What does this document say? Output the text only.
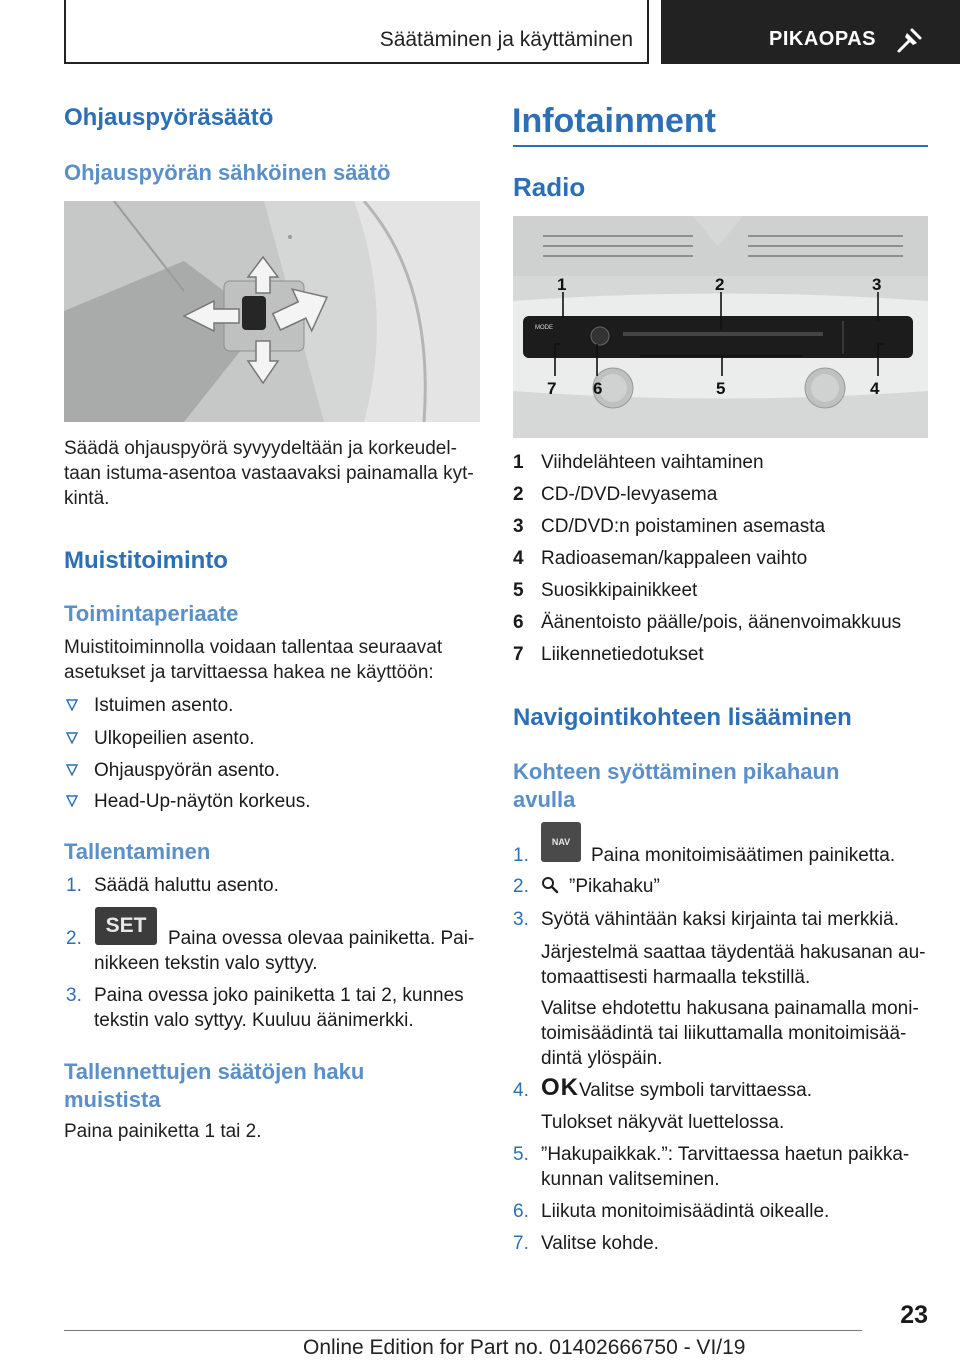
Säätäminen ja käyttäminen	PIKAOPAS
Ohjauspyöräsäätö
Ohjauspyörän sähköinen säätö
Säädä ohjauspyörä syvyydeltään ja korkeudel-
taan istuma-asentoa vastaavaksi painamalla kyt-
kintä.
Muistitoiminto
Toimintaperiaate
Muistitoiminnolla voidaan tallentaa seuraavat
asetukset ja tarvittaessa hakea ne käyttöön:
Istuimen asento.
Ulkopeilien asento.
Ohjauspyörän asento.
Head-Up-näytön korkeus.
Tallentaminen
1. Säädä haluttu asento.
2.
SET
Paina ovessa olevaa painiketta. Pai-
nikkeen tekstin valo syttyy.
3. Paina ovessa joko painiketta 1 tai 2, kunnes
tekstin valo syttyy. Kuuluu äänimerkki.
Tallennettujen säätöjen haku
muistista
Paina painiketta 1 tai 2.
Infotainment
Radio
MODE
1	2	3
7 6	5	4
1 Viihdelähteen vaihtaminen
2 CD-/DVD-levyasema
3 CD/DVD:n poistaminen asemasta
4 Radioaseman/kappaleen vaihto
5 Suosikkipainikkeet
6 Äänentoisto päälle/pois, äänenvoimakkuus
7 Liikennetiedotukset
Navigointikohteen lisääminen
Kohteen syöttäminen pikahaun
avulla
1.
NAV
Paina monitoimisäätimen painiketta.
2. ”Pikahaku”
3. Syötä vähintään kaksi kirjainta tai merkkiä.
Järjestelmä saattaa täydentää hakusanan au-
tomaattisesti harmaalla tekstillä.
Valitse ehdotettu hakusana painamalla moni-
toimisäädintä tai liikuttamalla monitoimisää-
dintä ylöspäin.
4. OK Valitse symboli tarvittaessa.
Tulokset näkyvät luettelossa.
5. ”Hakupaikkak.”: Tarvittaessa haetun paikka-
kunnan valitseminen.
6. Liikuta monitoimisäädintä oikealle.
7. Valitse kohde.
23
Online Edition for Part no. 01402666750 - VI/19
